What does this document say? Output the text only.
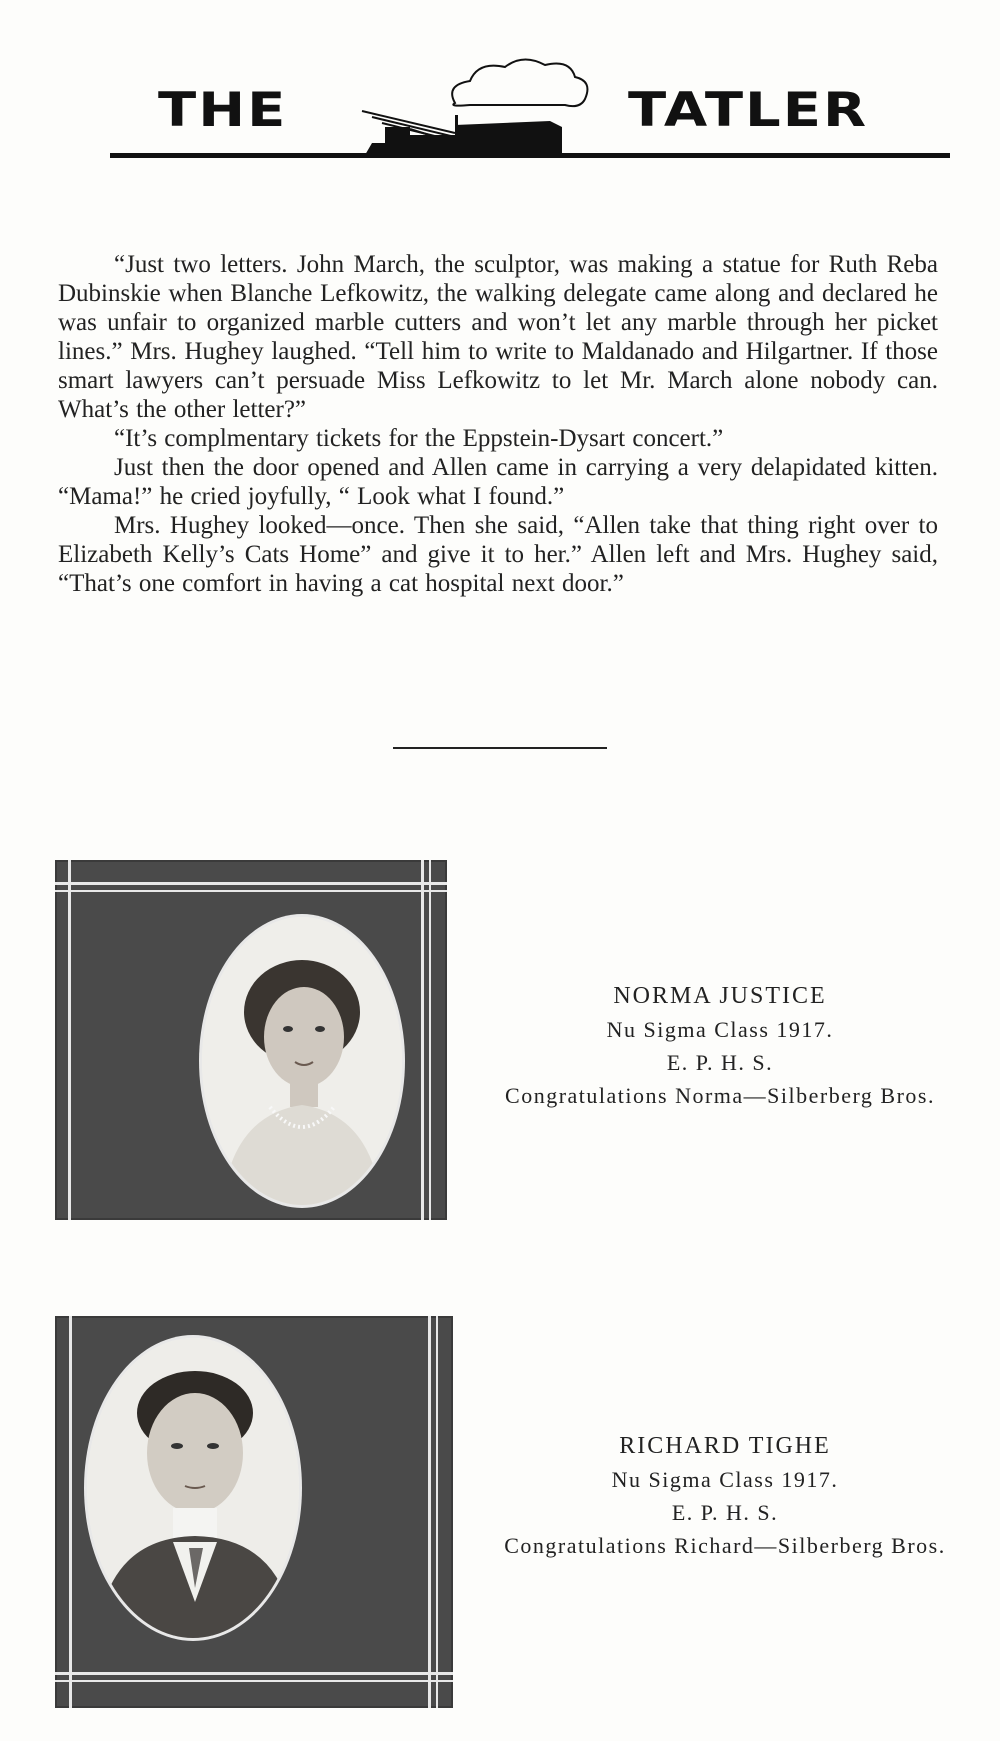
THE	TATLER

“Just two letters. John March, the sculptor, was making a statue for Ruth Reba Dubinskie when Blanche Lefkowitz, the walking delegate came along and declared he was unfair to organized marble cutters and won’t let any marble through her picket lines.” Mrs. Hughey laughed. “Tell him to write to Maldanado and Hilgartner. If those smart lawyers can’t persuade Miss Lefkowitz to let Mr. March alone nobody can. What’s the other letter?”

“It’s complmentary tickets for the Eppstein-Dysart concert.”

Just then the door opened and Allen came in carrying a very delapidated kitten. “Mama!” he cried joyfully, “ Look what I found.”

Mrs. Hughey looked—once. Then she said, “Allen take that thing right over to Elizabeth Kelly’s Cats Home” and give it to her.” Allen left and Mrs. Hughey said, “That’s one comfort in having a cat hospital next door.”

NORMA JUSTICE
Nu Sigma Class 1917.
E. P. H. S.
Congratulations Norma—Silberberg Bros.
RICHARD TIGHE
Nu Sigma Class 1917.
E. P. H. S.
Congratulations Richard—Silberberg Bros.
